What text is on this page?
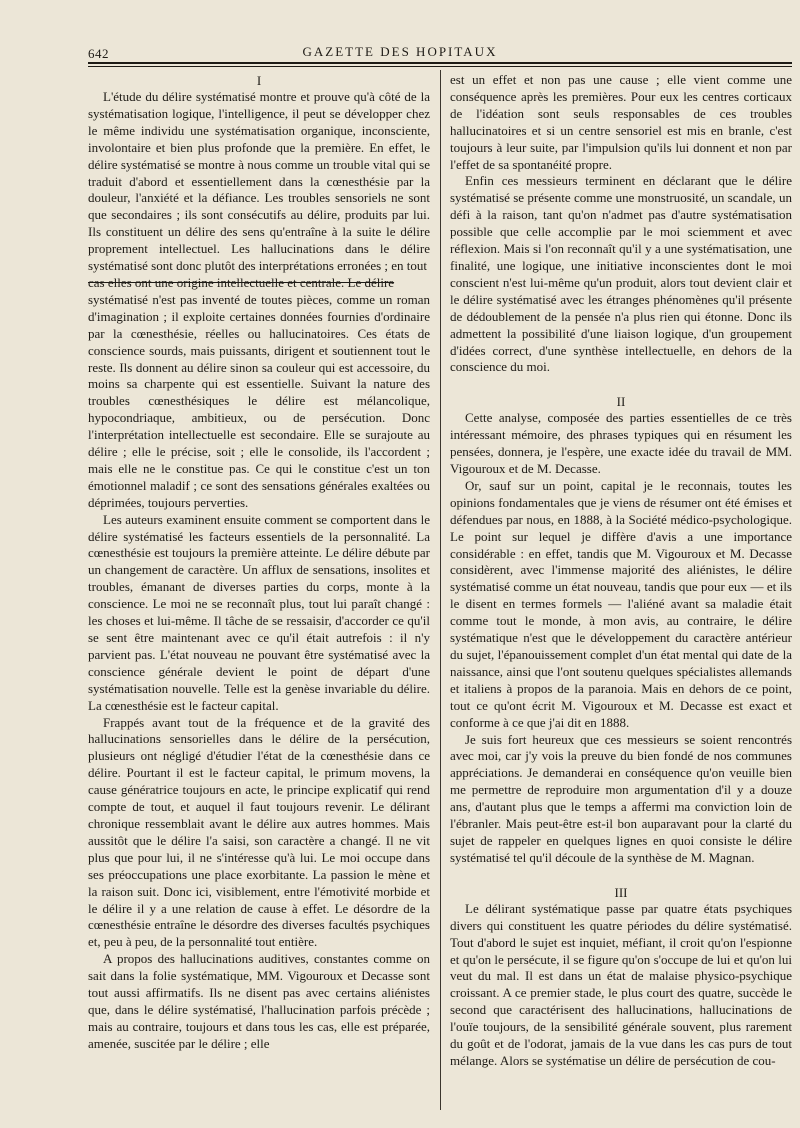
642	GAZETTE DES HOPITAUX
I

L'étude du délire systématisé montre et prouve qu'à côté de la systématisation logique, l'intelligence, il peut se développer chez le même individu une systématisation organique, inconsciente, involontaire et bien plus profonde que la première. En effet, le délire systématisé se montre à nous comme un trouble vital qui se traduit d'abord et essentiellement dans la cœnesthésie par la douleur, l'anxiété et la défiance. Les troubles sensoriels ne sont que secondaires ; ils sont consécutifs au délire, produits par lui. Ils constituent un délire des sens qu'entraîne à la suite le délire proprement intellectuel. Les hallucinations dans le délire systématisé sont donc plutôt des interprétations erronées ; en tout

cas elles ont une origine intellectuelle et centrale. Le délire

systématisé n'est pas inventé de toutes pièces, comme un roman d'imagination ; il exploite certaines données fournies d'ordinaire par la cœnesthésie, réelles ou hallucinatoires. Ces états de conscience sourds, mais puissants, dirigent et soutiennent tout le reste. Ils donnent au délire sinon sa couleur qui est accessoire, du moins sa charpente qui est essentielle. Suivant la nature des troubles cœnesthésiques le délire est mélancolique, hypocondriaque, ambitieux, ou de persécution. Donc l'interprétation intellectuelle est secondaire. Elle se surajoute au délire ; elle le précise, soit ; elle le consolide, ils l'accordent ; mais elle ne le constitue pas. Ce qui le constitue c'est un ton émotionnel maladif ; ce sont des sensations générales exaltées ou déprimées, toujours perverties.

Les auteurs examinent ensuite comment se comportent dans le délire systématisé les facteurs essentiels de la personnalité. La cœnesthésie est toujours la première atteinte. Le délire débute par un changement de caractère. Un afflux de sensations, insolites et troubles, émanant de diverses parties du corps, monte à la conscience. Le moi ne se reconnaît plus, tout lui paraît changé : les choses et lui-même. Il tâche de se ressaisir, d'accorder ce qu'il se sent être maintenant avec ce qu'il était autrefois : il n'y parvient pas. L'état nouveau ne pouvant être systématisé avec la conscience générale devient le point de départ d'une systématisation nouvelle. Telle est la genèse invariable du délire. La cœnesthésie est le facteur capital.

Frappés avant tout de la fréquence et de la gravité des hallucinations sensorielles dans le délire de la persécution, plusieurs ont négligé d'étudier l'état de la cœnesthésie dans ce délire. Pourtant il est le facteur capital, le primum movens, la cause génératrice toujours en acte, le principe explicatif qui rend compte de tout, et auquel il faut toujours revenir. Le délirant chronique ressemblait avant le délire aux autres hommes. Mais aussitôt que le délire l'a saisi, son caractère a changé. Il ne vit plus que pour lui, il ne s'intéresse qu'à lui. Le moi occupe dans ses préoccupations une place exorbitante. La passion le mène et la raison suit. Donc ici, visiblement, entre l'émotivité morbide et le délire il y a une relation de cause à effet. Le désordre de la cœnesthésie entraîne le désordre des diverses facultés psychiques et, peu à peu, de la personnalité tout entière.

A propos des hallucinations auditives, constantes comme on sait dans la folie systématique, MM. Vigouroux et Decasse sont tout aussi affirmatifs. Ils ne disent pas avec certains aliénistes que, dans le délire systématisé, l'hallucination parfois précède ; mais au contraire, toujours et dans tous les cas, elle est préparée, amenée, suscitée par le délire ; elle

est un effet et non pas une cause ; elle vient comme une conséquence après les premières. Pour eux les centres corticaux de l'idéation sont seuls responsables de ces troubles hallucinatoires et si un centre sensoriel est mis en branle, c'est toujours à leur suite, par l'impulsion qu'ils lui donnent et non par l'effet de sa spontanéité propre.

Enfin ces messieurs terminent en déclarant que le délire systématisé se présente comme une monstruosité, un scandale, un défi à la raison, tant qu'on n'admet pas d'autre systématisation possible que celle accomplie par le moi sciemment et avec réflexion. Mais si l'on reconnaît qu'il y a une systématisation, une finalité, une logique, une initiative inconscientes dont le moi conscient n'est lui-même qu'un produit, alors tout devient clair et le délire systématisé avec les étranges phénomènes qu'il présente de dédoublement de la pensée n'a plus rien qui étonne. Donc ils admettent la possibilité d'une liaison logique, d'un groupement d'idées correct, d'une synthèse intellectuelle, en dehors de la conscience du moi.

II

Cette analyse, composée des parties essentielles de ce très intéressant mémoire, des phrases typiques qui en résument les pensées, donnera, je l'espère, une exacte idée du travail de MM. Vigouroux et de M. Decasse.

Or, sauf sur un point, capital je le reconnais, toutes les opinions fondamentales que je viens de résumer ont été émises et défendues par nous, en 1888, à la Société médico-psychologique. Le point sur lequel je diffère d'avis a une importance considérable : en effet, tandis que M. Vigouroux et M. Decasse considèrent, avec l'immense majorité des aliénistes, le délire systématisé comme un état nouveau, tandis que pour eux — et ils le disent en termes formels — l'aliéné avant sa maladie était comme tout le monde, à mon avis, au contraire, le délire systématique n'est que le développement du caractère antérieur du sujet, l'épanouissement complet d'un état mental qui date de la naissance, ainsi que l'ont soutenu quelques spécialistes allemands et italiens à propos de la paranoia. Mais en dehors de ce point, tout ce qu'ont écrit M. Vigouroux et M. Decasse est exact et conforme à ce que j'ai dit en 1888.

Je suis fort heureux que ces messieurs se soient rencontrés avec moi, car j'y vois la preuve du bien fondé de nos communes appréciations. Je demanderai en conséquence qu'on veuille bien me permettre de reproduire mon argumentation d'il y a douze ans, d'autant plus que le temps a affermi ma conviction loin de l'ébranler. Mais peut-être est-il bon auparavant pour la clarté du sujet de rappeler en quelques lignes en quoi consiste le délire systématisé tel qu'il découle de la synthèse de M. Magnan.

III

Le délirant systématique passe par quatre états psychiques divers qui constituent les quatre périodes du délire systématisé. Tout d'abord le sujet est inquiet, méfiant, il croit qu'on l'espionne et qu'on le persécute, il se figure qu'on s'occupe de lui et qu'on lui veut du mal. Il est dans un état de malaise physico-psychique croissant. A ce premier stade, le plus court des quatre, succède le second que caractérisent des hallucinations, hallucinations de l'ouïe toujours, de la sensibilité générale souvent, plus rarement du goût et de l'odorat, jamais de la vue dans les cas purs de tout mélange. Alors se systématise un délire de persécution de cou-
